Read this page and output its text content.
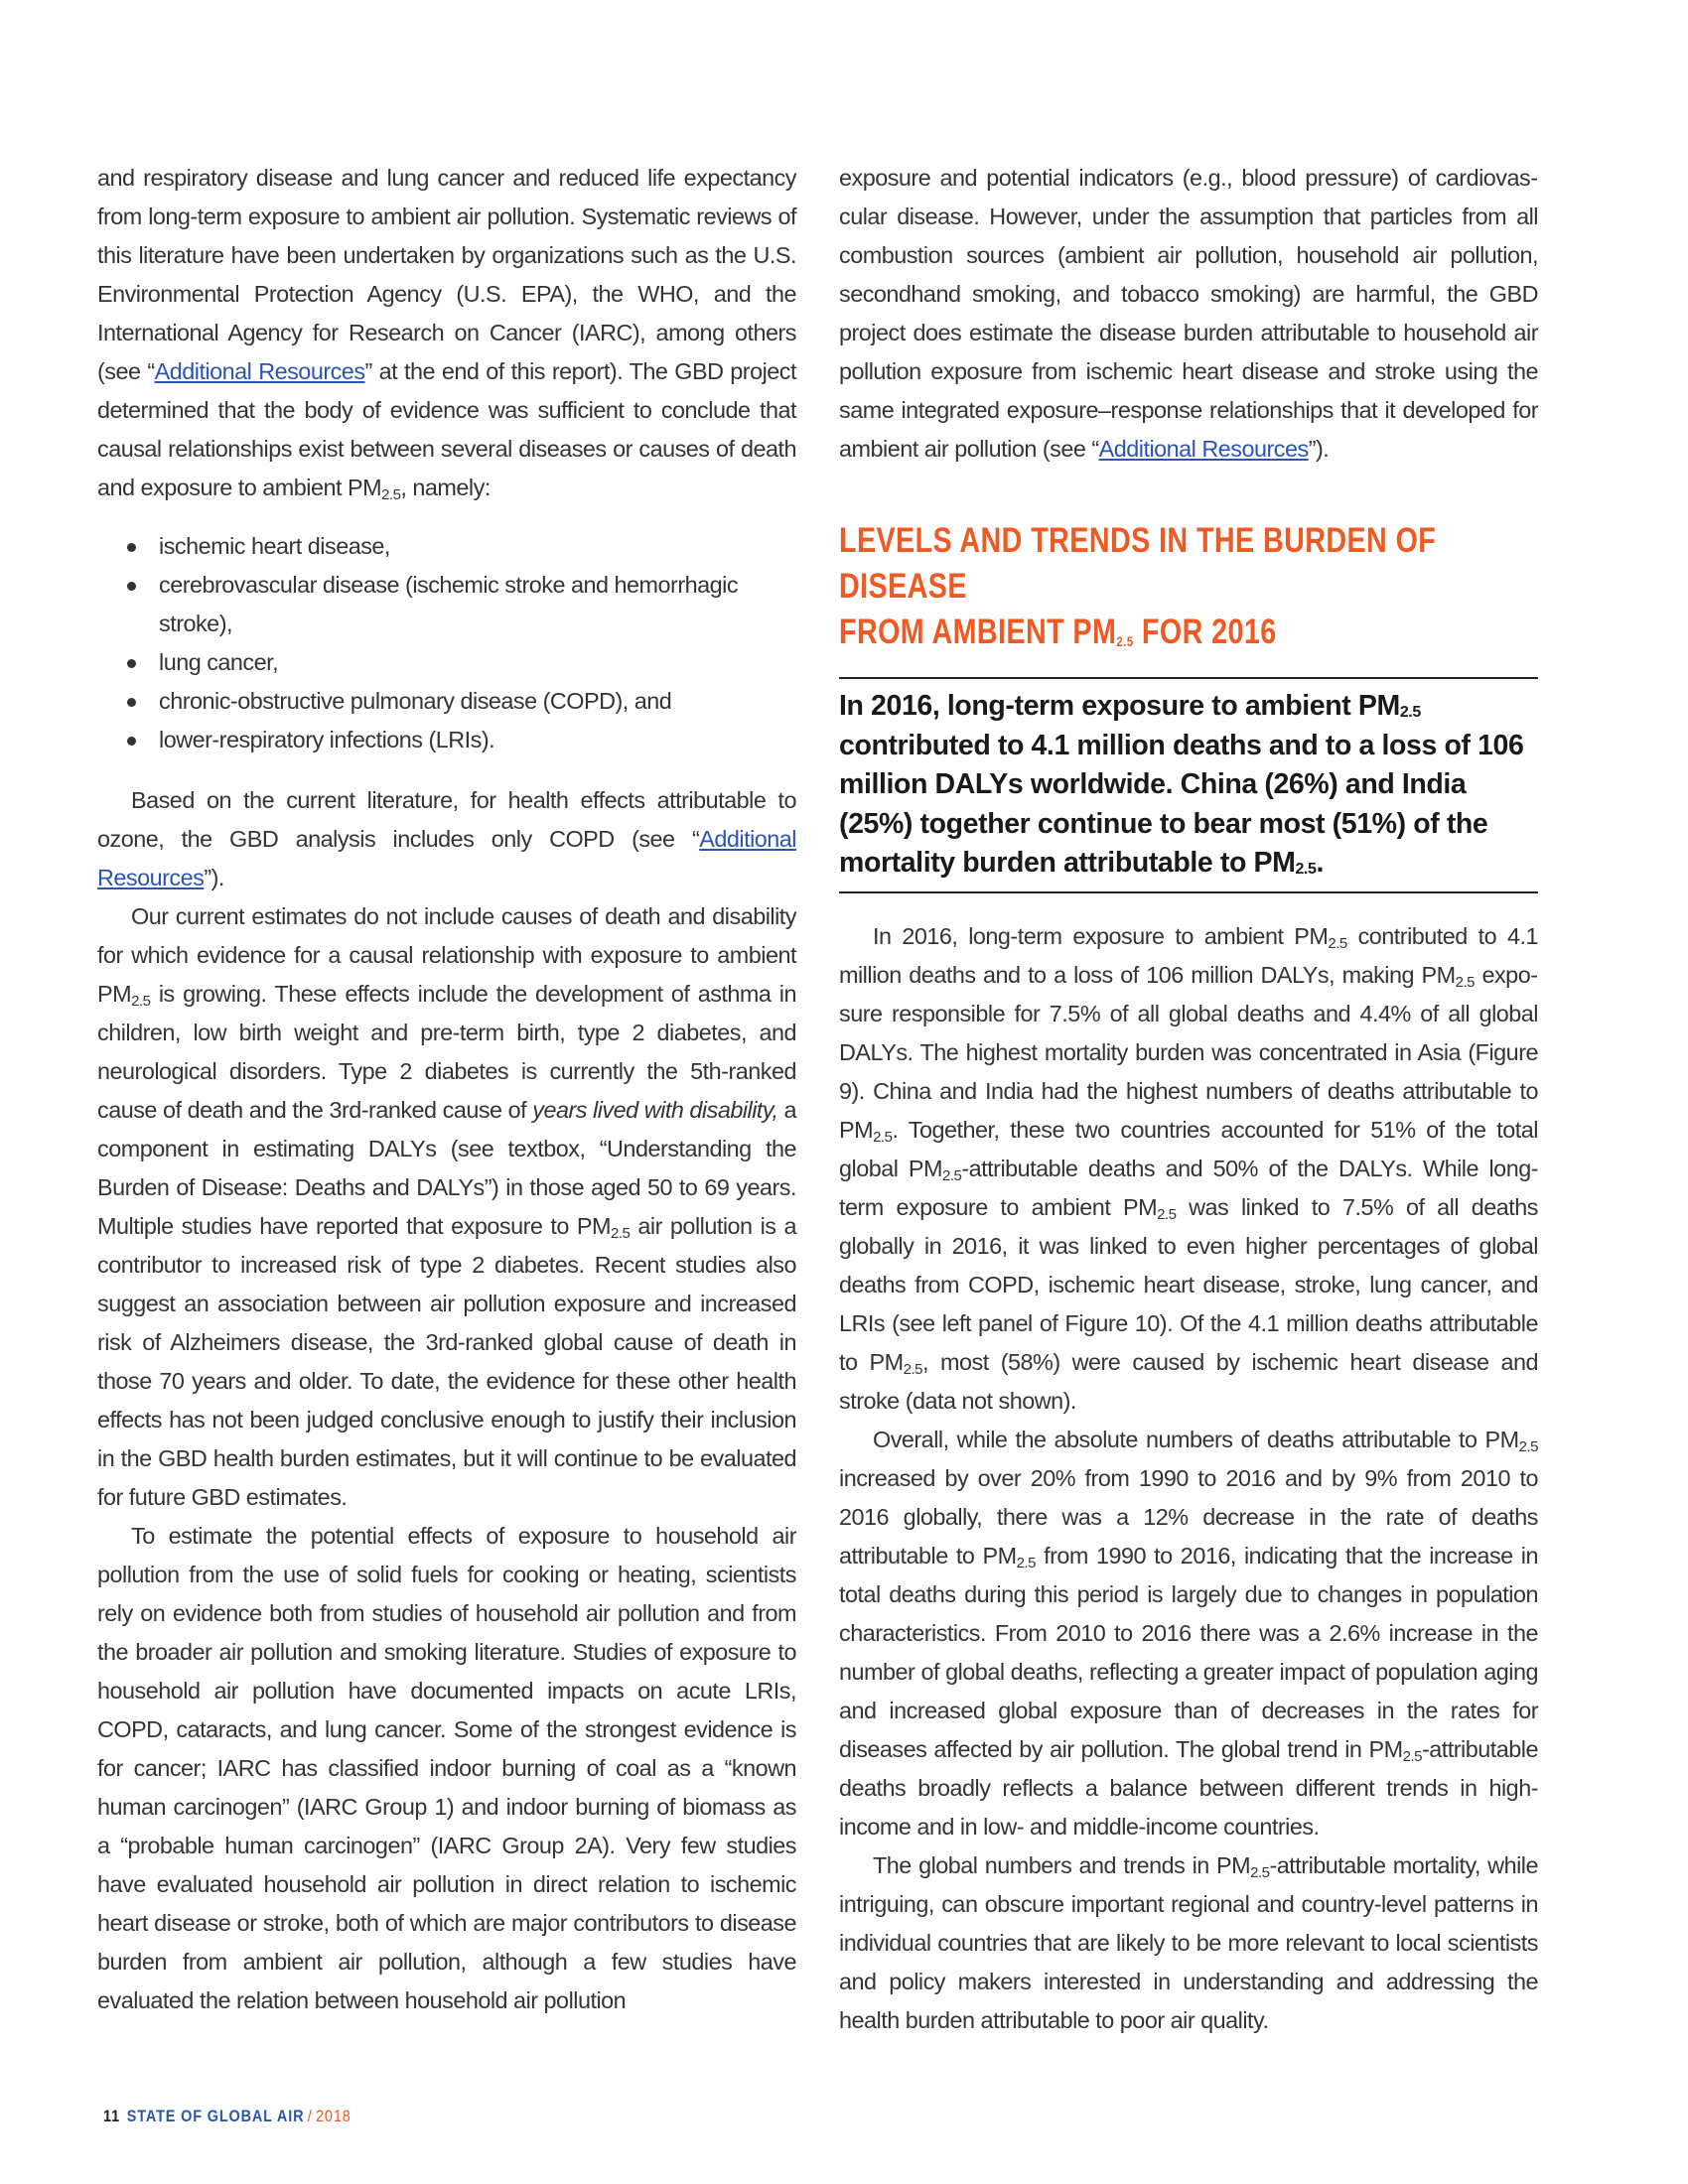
and respiratory disease and lung cancer and reduced life expectancy from long-term exposure to ambient air pollution. Systematic reviews of this literature have been undertaken by organizations such as the U.S. Environmental Protection Agency (U.S. EPA), the WHO, and the International Agency for Research on Cancer (IARC), among others (see “Additional Resources” at the end of this report). The GBD project determined that the body of evidence was sufficient to conclude that causal relationships exist between several diseases or causes of death and exposure to ambient $PM_{2.5}$, namely:

ischemic heart disease,
cerebrovascular disease (ischemic stroke and hemorrhagic stroke),
lung cancer,
chronic-obstructive pulmonary disease (COPD), and
lower-respiratory infections (LRIs).

Based on the current literature, for health effects attributable to ozone, the GBD analysis includes only COPD (see “Additional Resources”).

Our current estimates do not include causes of death and disability for which evidence for a causal relationship with exposure to ambient $PM_{2.5}$ is growing. These effects include the development of asthma in children, low birth weight and pre-term birth, type 2 diabetes, and neurological disorders. Type 2 diabetes is currently the 5th-ranked cause of death and the 3rd-ranked cause of years lived with disability, a component in estimating DALYs (see textbox, “Understanding the Burden of Disease: Deaths and DALYs”) in those aged 50 to 69 years. Multiple studies have reported that exposure to $PM_{2.5}$ air pollution is a contributor to increased risk of type 2 diabetes. Recent studies also suggest an association between air pollution exposure and increased risk of Alzheimers disease, the 3rd-ranked global cause of death in those 70 years and older. To date, the evidence for these other health effects has not been judged conclusive enough to justify their inclusion in the GBD health burden estimates, but it will continue to be evaluated for future GBD estimates.

To estimate the potential effects of exposure to household air pollution from the use of solid fuels for cooking or heating, scientists rely on evidence both from studies of household air pollution and from the broader air pollution and smoking literature. Studies of exposure to household air pollution have documented impacts on acute LRIs, COPD, cataracts, and lung cancer. Some of the strongest evidence is for cancer; IARC has classified indoor burning of coal as a “known human carcinogen” (IARC Group 1) and indoor burning of biomass as a “probable human carcinogen” (IARC Group 2A). Very few studies have evaluated household air pollution in direct relation to ischemic heart disease or stroke, both of which are major contributors to disease burden from ambient air pollution, although a few studies have evaluated the relation between household air pollution

exposure and potential indicators (e.g., blood pressure) of cardiovascular disease. However, under the assumption that particles from all combustion sources (ambient air pollution, household air pollution, secondhand smoking, and tobacco smoking) are harmful, the GBD project does estimate the disease burden attributable to household air pollution exposure from ischemic heart disease and stroke using the same integrated exposure–response relationships that it developed for ambient air pollution (see “Additional Resources”).

LEVELS AND TRENDS IN THE BURDEN OF DISEASE
FROM AMBIENT $PM_{2.5}$ FOR 2016
In 2016, long-term exposure to ambient $PM_{2.5}$ contributed to 4.1 million deaths and to a loss of 106 million DALYs worldwide. China (26%) and India (25%) together continue to bear most (51%) of the mortality burden attributable to $PM_{2.5}$.

In 2016, long-term exposure to ambient $PM_{2.5}$ contributed to 4.1 million deaths and to a loss of 106 million DALYs, making $PM_{2.5}$ exposure responsible for 7.5% of all global deaths and 4.4% of all global DALYs. The highest mortality burden was concentrated in Asia (Figure 9). China and India had the highest numbers of deaths attributable to $PM_{2.5}$. Together, these two countries accounted for 51% of the total global $PM_{2.5}$-attributable deaths and 50% of the DALYs. While long-term exposure to ambient $PM_{2.5}$ was linked to 7.5% of all deaths globally in 2016, it was linked to even higher percentages of global deaths from COPD, ischemic heart disease, stroke, lung cancer, and LRIs (see left panel of Figure 10). Of the 4.1 million deaths attributable to $PM_{2.5}$, most (58%) were caused by ischemic heart disease and stroke (data not shown).

Overall, while the absolute numbers of deaths attributable to $PM_{2.5}$ increased by over 20% from 1990 to 2016 and by 9% from 2010 to 2016 globally, there was a 12% decrease in the rate of deaths attributable to $PM_{2.5}$ from 1990 to 2016, indicating that the increase in total deaths during this period is largely due to changes in population characteristics. From 2010 to 2016 there was a 2.6% increase in the number of global deaths, reflecting a greater impact of population aging and increased global exposure than of decreases in the rates for diseases affected by air pollution. The global trend in $PM_{2.5}$-attributable deaths broadly reflects a balance between different trends in high-income and in low- and middle-income countries.

The global numbers and trends in $PM_{2.5}$-attributable mortality, while intriguing, can obscure important regional and country-level patterns in individual countries that are likely to be more relevant to local scientists and policy makers interested in understanding and addressing the health burden attributable to poor air quality.

11 STATE OF GLOBAL AIR / 2018
